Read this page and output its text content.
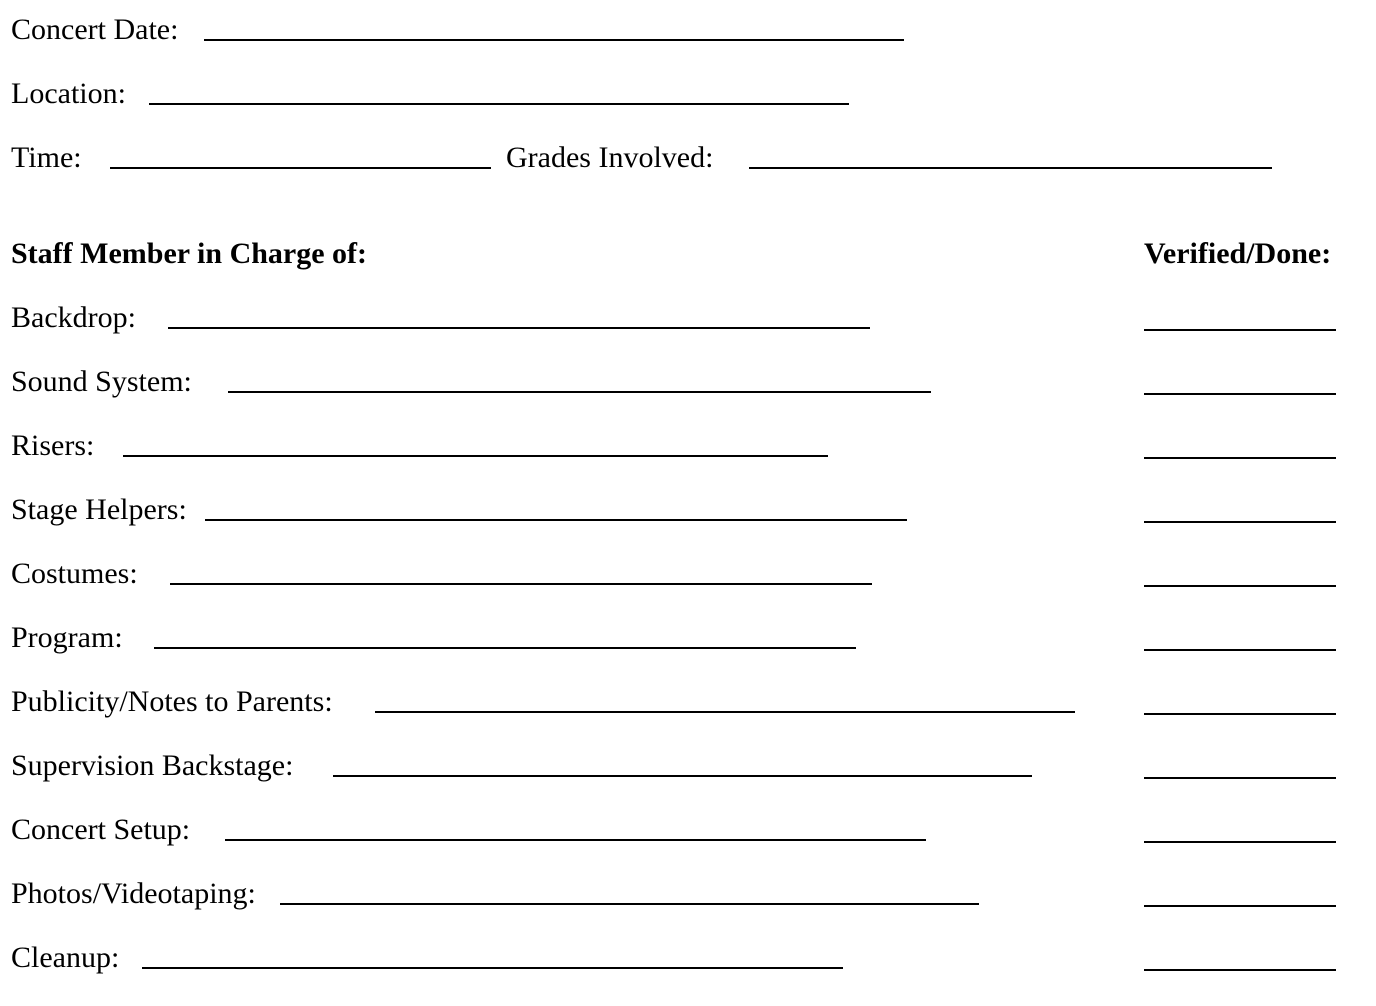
Concert Date:
Location:
Time:	Grades Involved:
Staff Member in Charge of:	Verified/Done:
Backdrop:
Sound System:
Risers:
Stage Helpers:
Costumes:
Program:
Publicity/Notes to Parents:
Supervision Backstage:
Concert Setup:
Photos/Videotaping:
Cleanup:
